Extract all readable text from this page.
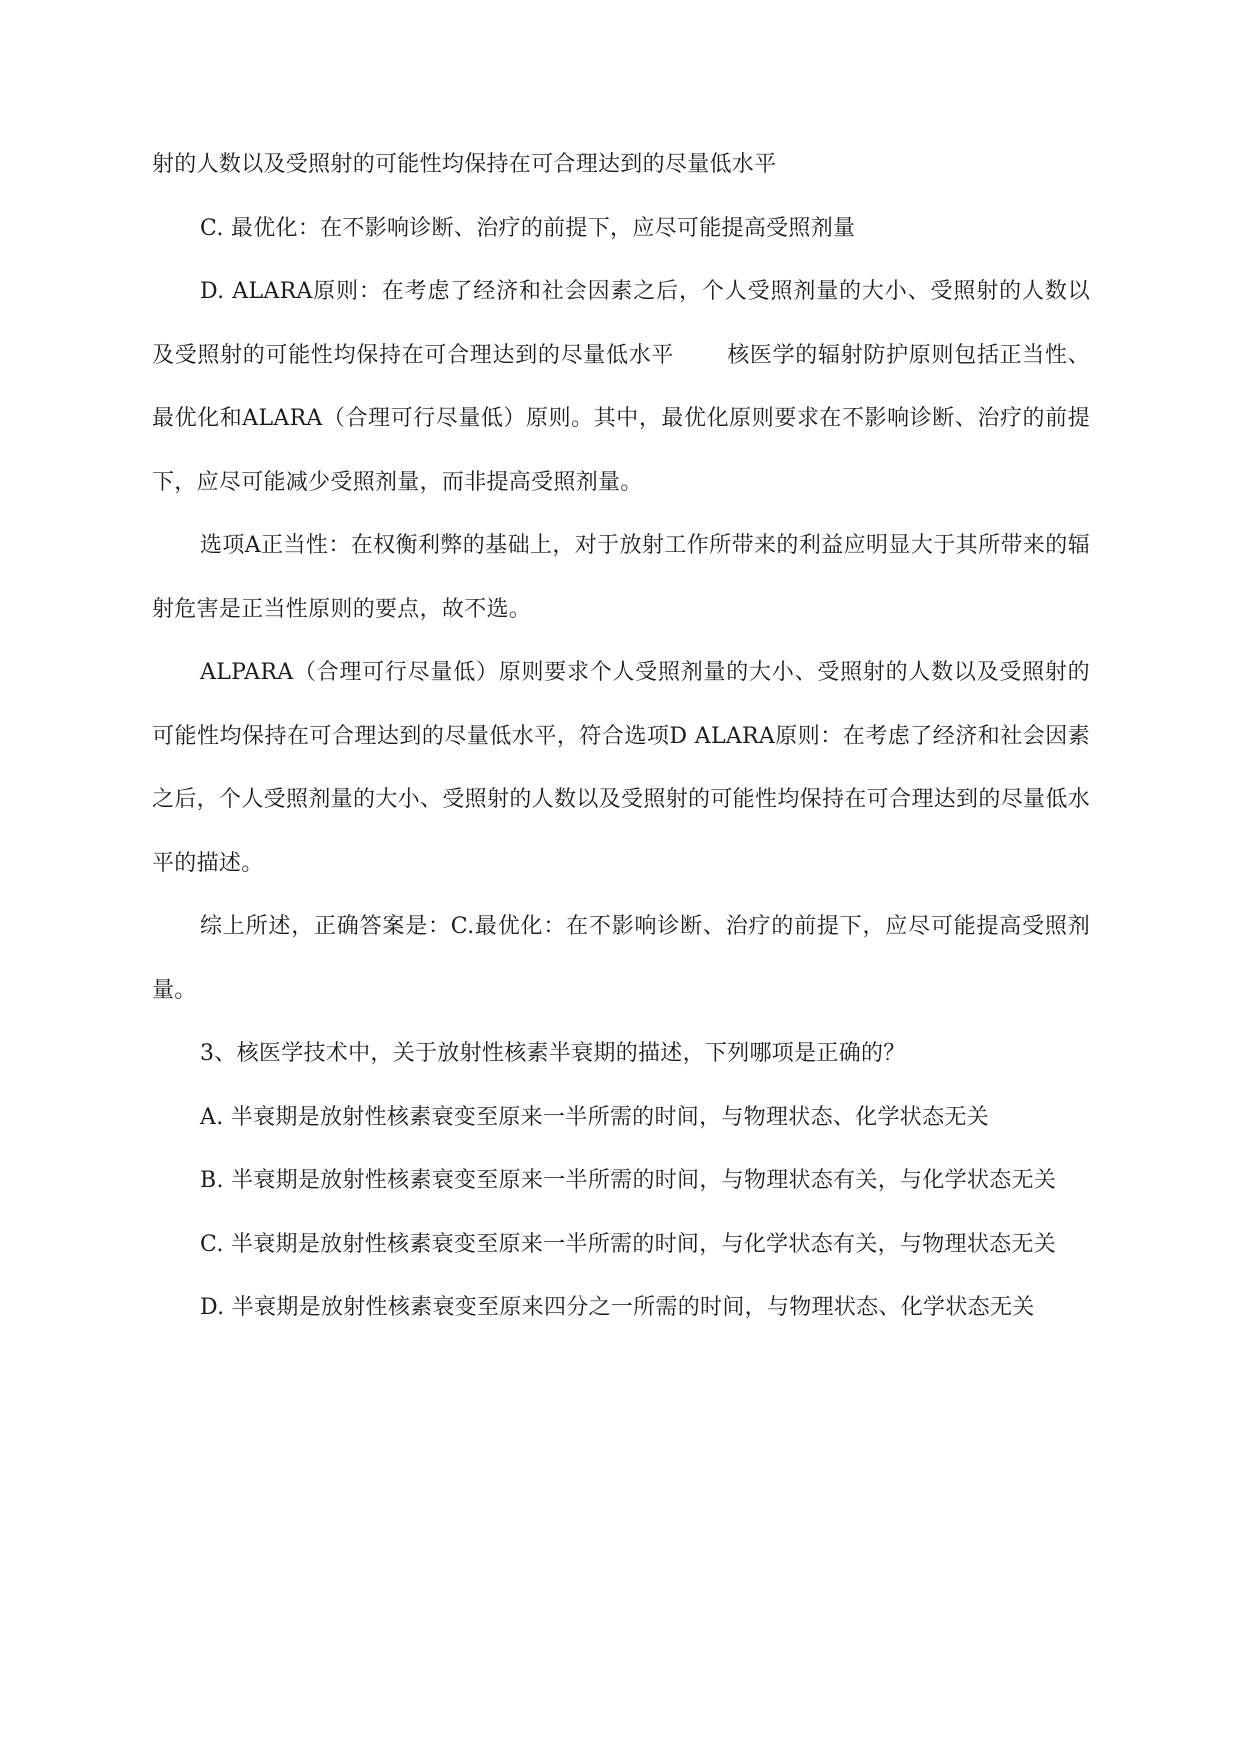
射的人数以及受照射的可能性均保持在可合理达到的尽量低水平

C. 最优化：在不影响诊断、治疗的前提下，应尽可能提高受照剂量

D. ALARA原则：在考虑了经济和社会因素之后，个人受照剂量的大小、受照射的人数以及受照射的可能性均保持在可合理达到的尽量低水平 　　核医学的辐射防护原则包括正当性、最优化和ALARA（合理可行尽量低）原则。其中，最优化原则要求在不影响诊断、治疗的前提下，应尽可能减少受照剂量，而非提高受照剂量。

选项A正当性：在权衡利弊的基础上，对于放射工作所带来的利益应明显大于其所带来的辐射危害是正当性原则的要点，故不选。

ALPARA（合理可行尽量低）原则要求个人受照剂量的大小、受照射的人数以及受照射的可能性均保持在可合理达到的尽量低水平，符合选项D ALARA原则：在考虑了经济和社会因素之后，个人受照剂量的大小、受照射的人数以及受照射的可能性均保持在可合理达到的尽量低水平的描述。

综上所述，正确答案是：C.最优化：在不影响诊断、治疗的前提下，应尽可能提高受照剂量。

3、核医学技术中，关于放射性核素半衰期的描述，下列哪项是正确的？

A. 半衰期是放射性核素衰变至原来一半所需的时间，与物理状态、化学状态无关

B. 半衰期是放射性核素衰变至原来一半所需的时间，与物理状态有关，与化学状态无关

C. 半衰期是放射性核素衰变至原来一半所需的时间，与化学状态有关，与物理状态无关

D. 半衰期是放射性核素衰变至原来四分之一所需的时间，与物理状态、化学状态无关
